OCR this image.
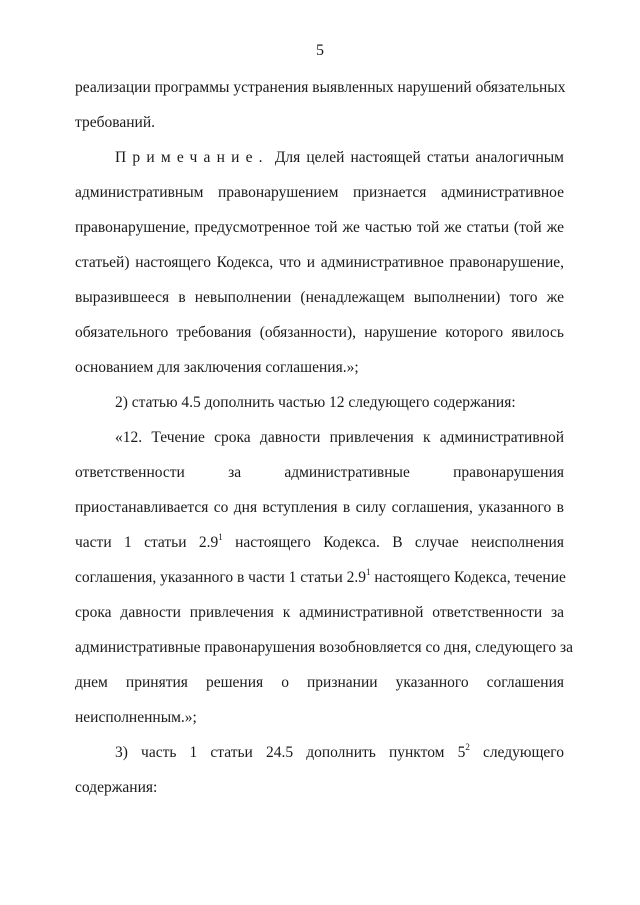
5
реализации программы устранения выявленных нарушений обязательных
требований.
Примечание. Для целей настоящей статьи аналогичным
административным правонарушением признается административное
правонарушение, предусмотренное той же частью той же статьи (той же
статьей) настоящего Кодекса, что и административное правонарушение,
выразившееся в невыполнении (ненадлежащем выполнении) того же
обязательного требования (обязанности), нарушение которого явилось
основанием для заключения соглашения.»;
2) статью 4.5 дополнить частью 12 следующего содержания:
«12. Течение срока давности привлечения к административной
ответственности за административные правонарушения
приостанавливается со дня вступления в силу соглашения, указанного в
части 1 статьи $2.9^1$ настоящего Кодекса. В случае неисполнения
соглашения, указанного в части 1 статьи $2.9^1$ настоящего Кодекса, течение
срока давности привлечения к административной ответственности за
административные правонарушения возобновляется со дня, следующего за
днем принятия решения о признании указанного соглашения
неисполненным.»;
3) часть 1 статьи 24.5 дополнить пунктом $5^2$ следующего
содержания:
